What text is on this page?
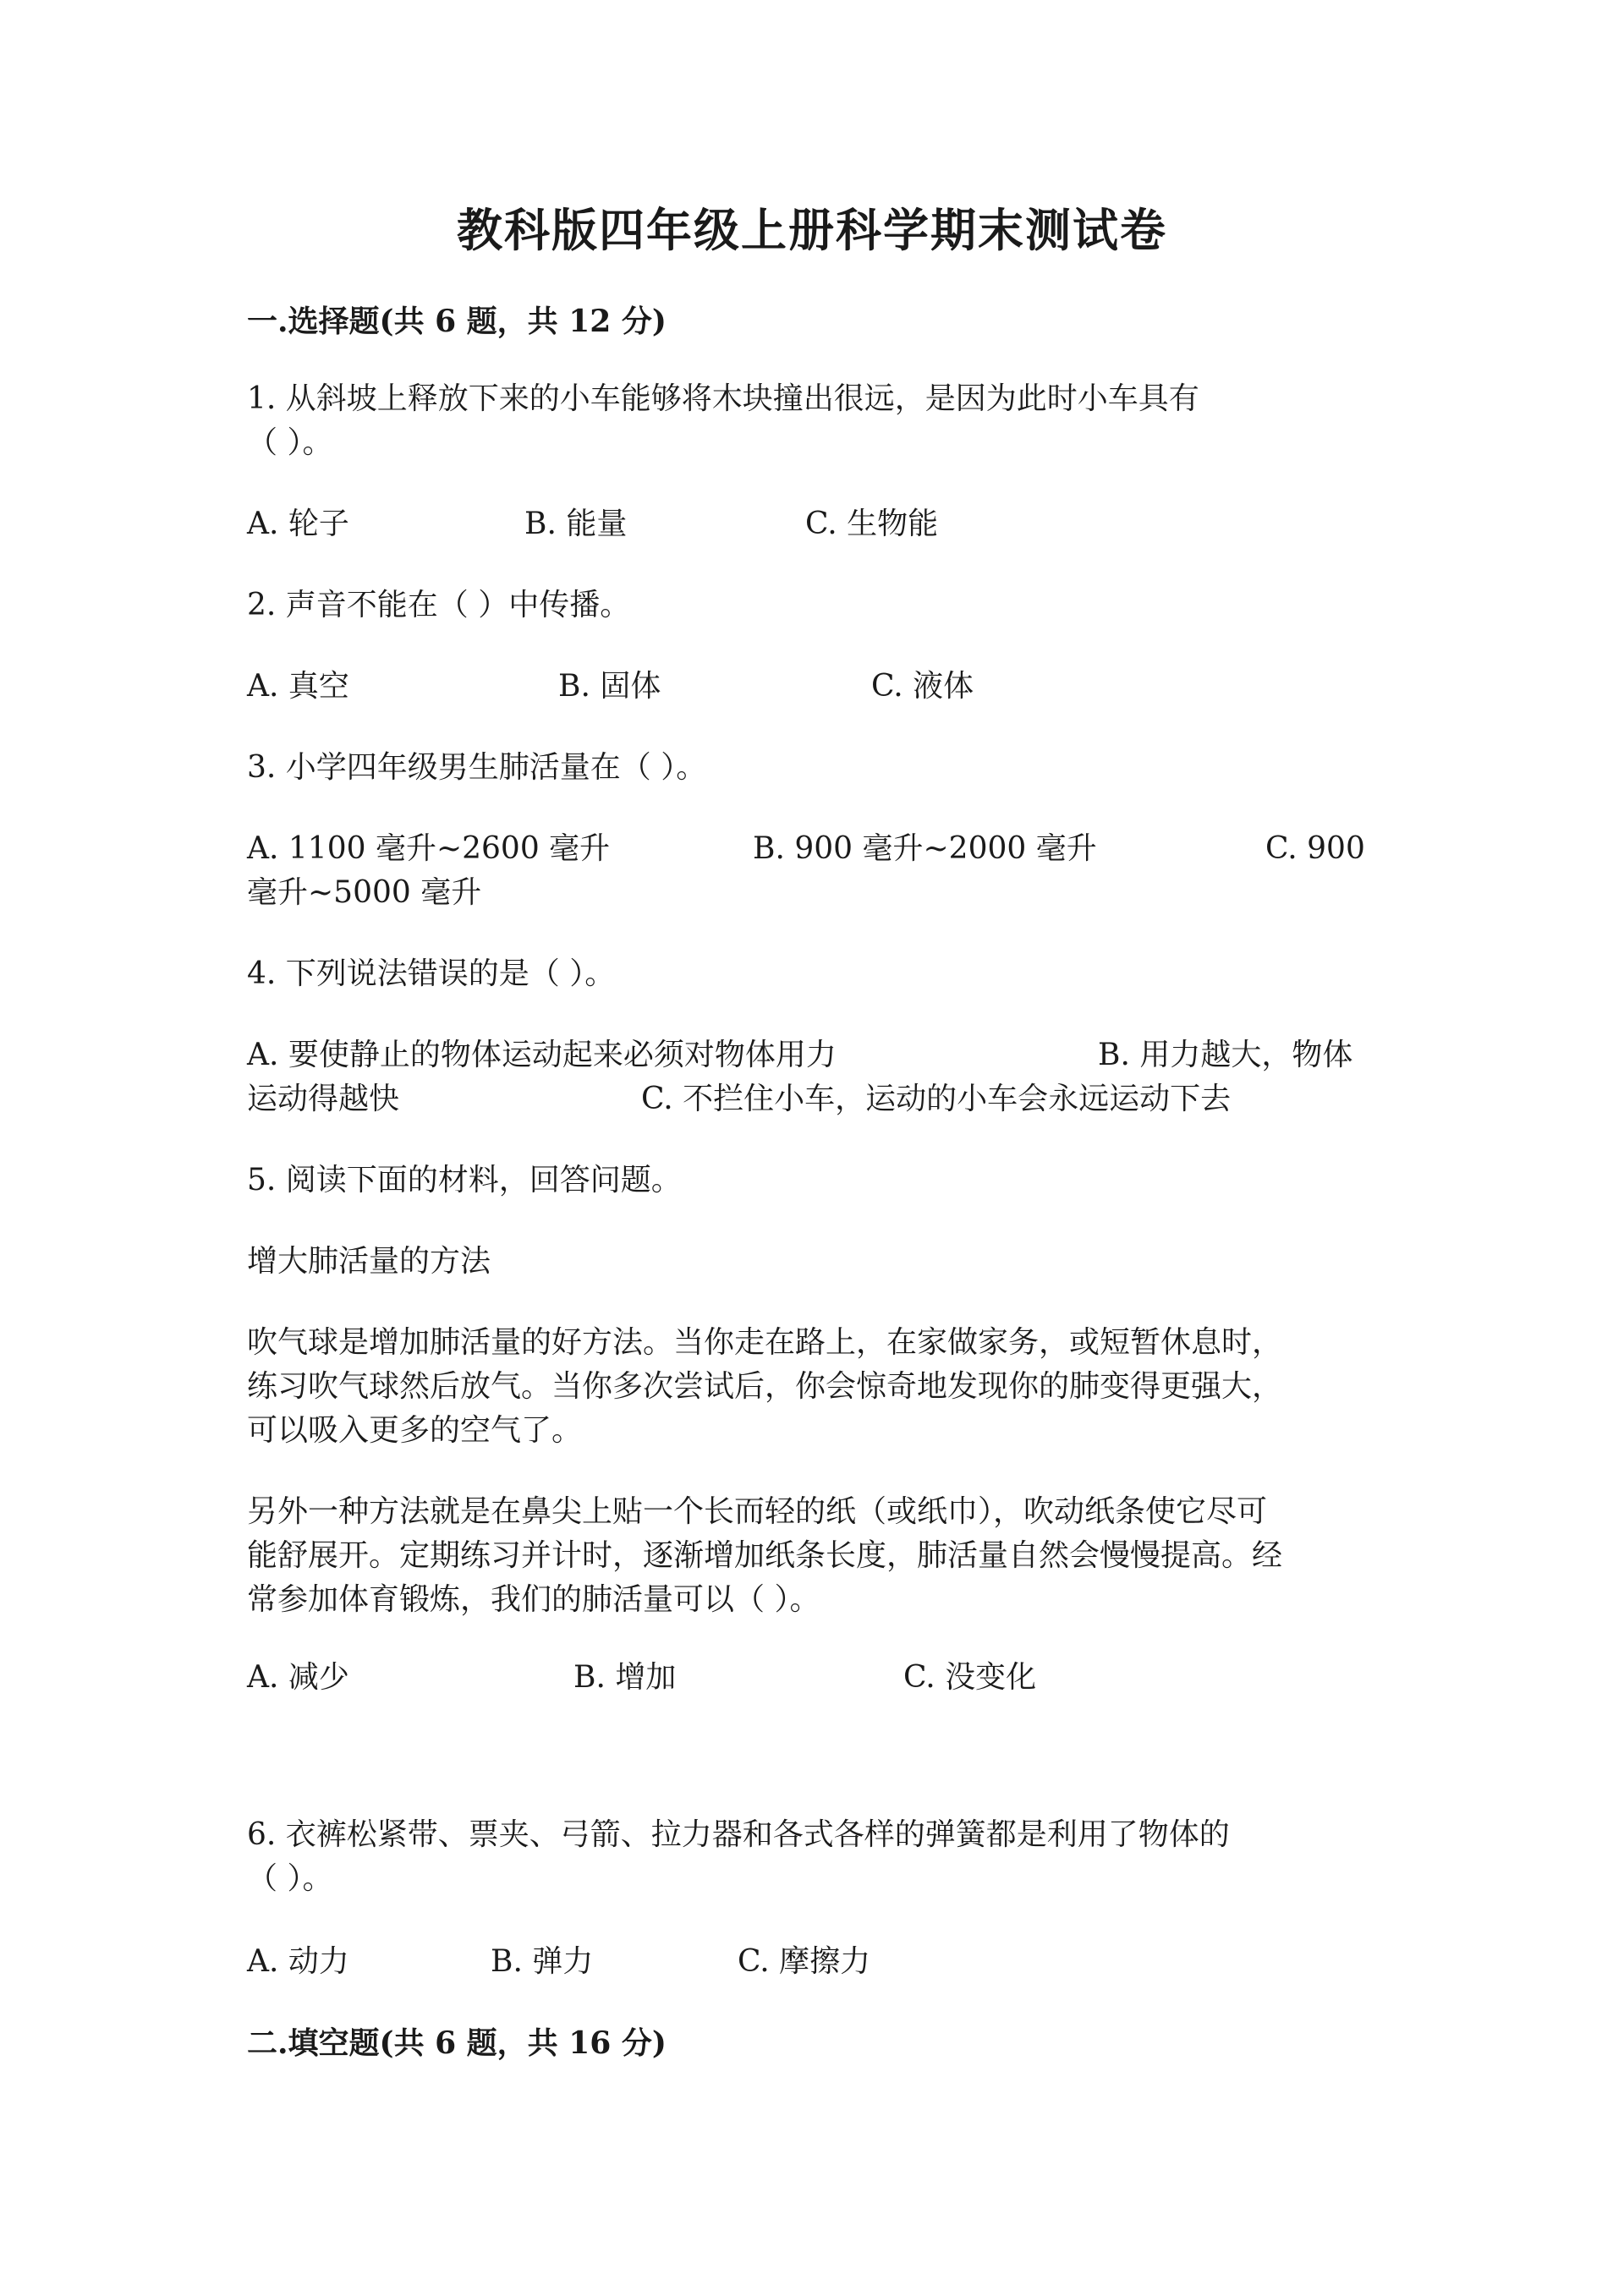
教科版四年级上册科学期末测试卷
一.选择题(共 6 题，共 12 分)
1. 从斜坡上释放下来的小车能够将木块撞出很远，是因为此时小车具有
（ ）。
A. 轮子	B. 能量	C. 生物能
2. 声音不能在（ ）中传播。
A. 真空	B. 固体	C. 液体
3. 小学四年级男生肺活量在（ ）。
A. 1100 毫升~2600 毫升	B. 900 毫升~2000 毫升	C. 900
毫升~5000 毫升
4. 下列说法错误的是（ ）。
A. 要使静止的物体运动起来必须对物体用力	B. 用力越大，物体
运动得越快	C. 不拦住小车，运动的小车会永远运动下去
5. 阅读下面的材料，回答问题。
增大肺活量的方法
吹气球是增加肺活量的好方法。当你走在路上，在家做家务，或短暂休息时，
练习吹气球然后放气。当你多次尝试后，你会惊奇地发现你的肺变得更强大，
可以吸入更多的空气了。
另外一种方法就是在鼻尖上贴一个长而轻的纸（或纸巾），吹动纸条使它尽可
能舒展开。定期练习并计时，逐渐增加纸条长度，肺活量自然会慢慢提高。经
常参加体育锻炼，我们的肺活量可以（ ）。
A. 减少	B. 增加	C. 没变化
6. 衣裤松紧带、票夹、弓箭、拉力器和各式各样的弹簧都是利用了物体的
（ ）。
A. 动力	B. 弹力	C. 摩擦力
二.填空题(共 6 题，共 16 分)
